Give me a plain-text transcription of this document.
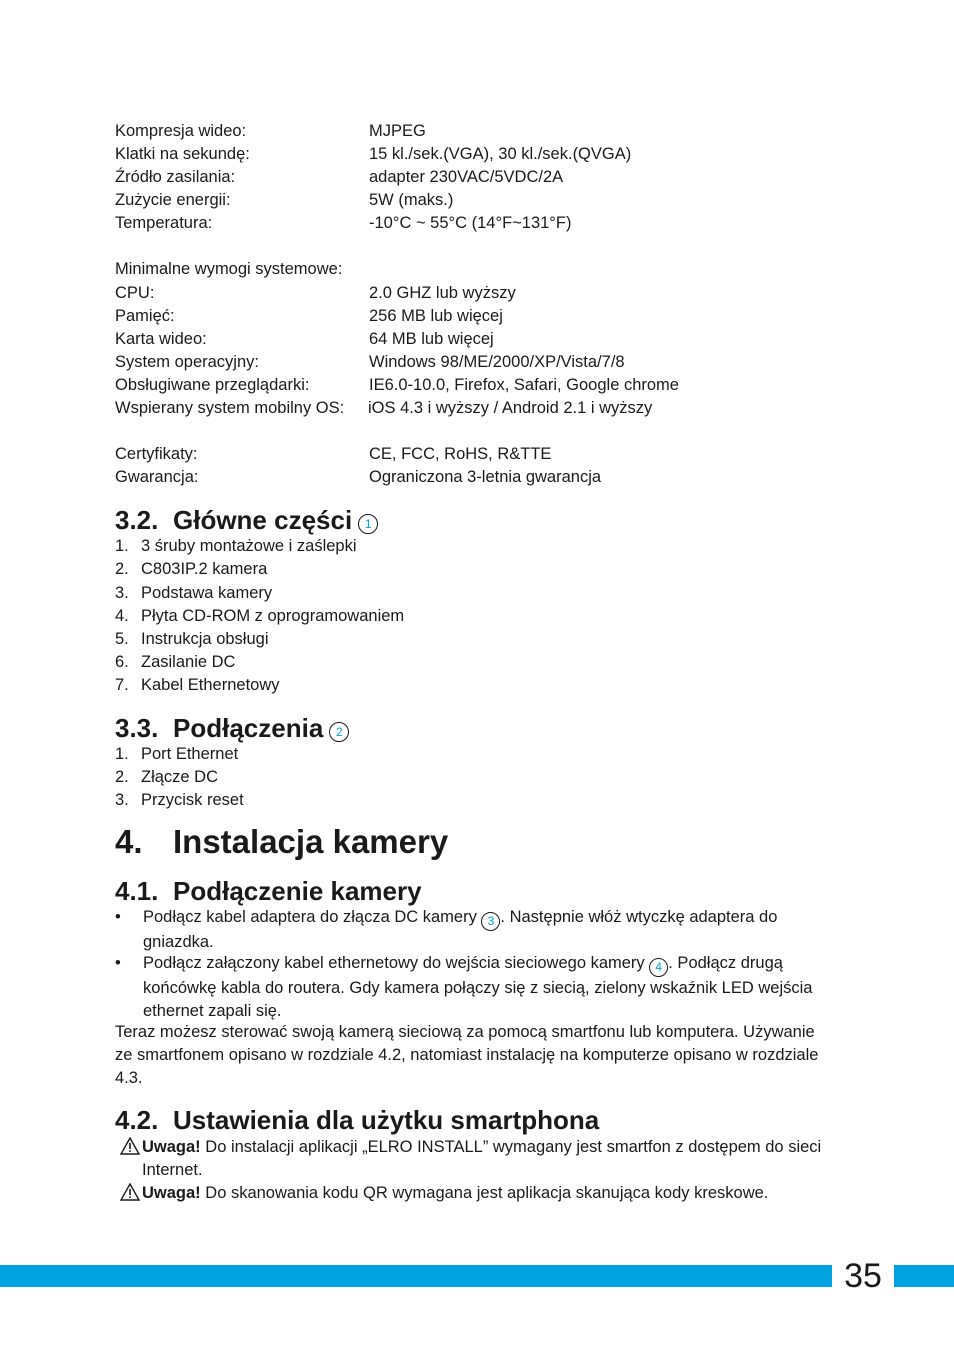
Kompresja wideo:	MJPEG
Klatki na sekundę:	15 kl./sek.(VGA), 30 kl./sek.(QVGA)
Źródło zasilania:	adapter 230VAC/5VDC/2A
Zużycie energii:	5W (maks.)
Temperatura:	-10°C ~ 55°C (14°F~131°F)
Minimalne wymogi systemowe:
CPU:	2.0 GHZ lub wyższy
Pamięć:	256 MB lub więcej
Karta wideo:	64 MB lub więcej
System operacyjny:	Windows 98/ME/2000/XP/Vista/7/8
Obsługiwane przeglądarki:	IE6.0-10.0, Firefox, Safari, Google chrome
Wspierany system mobilny OS: iOS 4.3 i wyższy / Android 2.1 i wyższy
Certyfikaty:	CE, FCC, RoHS, R&TTE
Gwarancja:	Ograniczona 3-letnia gwarancja
3.2. Główne części 1
1. 3 śruby montażowe i zaślepki
2. C803IP.2 kamera
3. Podstawa kamery
4. Płyta CD-ROM z oprogramowaniem
5. Instrukcja obsługi
6. Zasilanie DC
7. Kabel Ethernetowy
3.3. Podłączenia 2
1. Port Ethernet
2. Złącze DC
3. Przycisk reset
4. Instalacja kamery
4.1. Podłączenie kamery
• Podłącz kabel adaptera do złącza DC kamery 3 . Następnie włóż wtyczkę adaptera do gniazdka.
• Podłącz załączony kabel ethernetowy do wejścia sieciowego kamery 4 . Podłącz drugą końcówkę kabla do routera. Gdy kamera połączy się z siecią, zielony wskaźnik LED wejścia ethernet zapali się.
Teraz możesz sterować swoją kamerą sieciową za pomocą smartfonu lub komputera. Używanie ze smartfonem opisano w rozdziale 4.2, natomiast instalację na komputerze opisano w rozdziale 4.3.
4.2. Ustawienia dla użytku smartphona
Uwaga! Do instalacji aplikacji „ELRO INSTALL” wymagany jest smartfon z dostępem do sieci Internet.
Uwaga! Do skanowania kodu QR wymagana jest aplikacja skanująca kody kreskowe.
35
